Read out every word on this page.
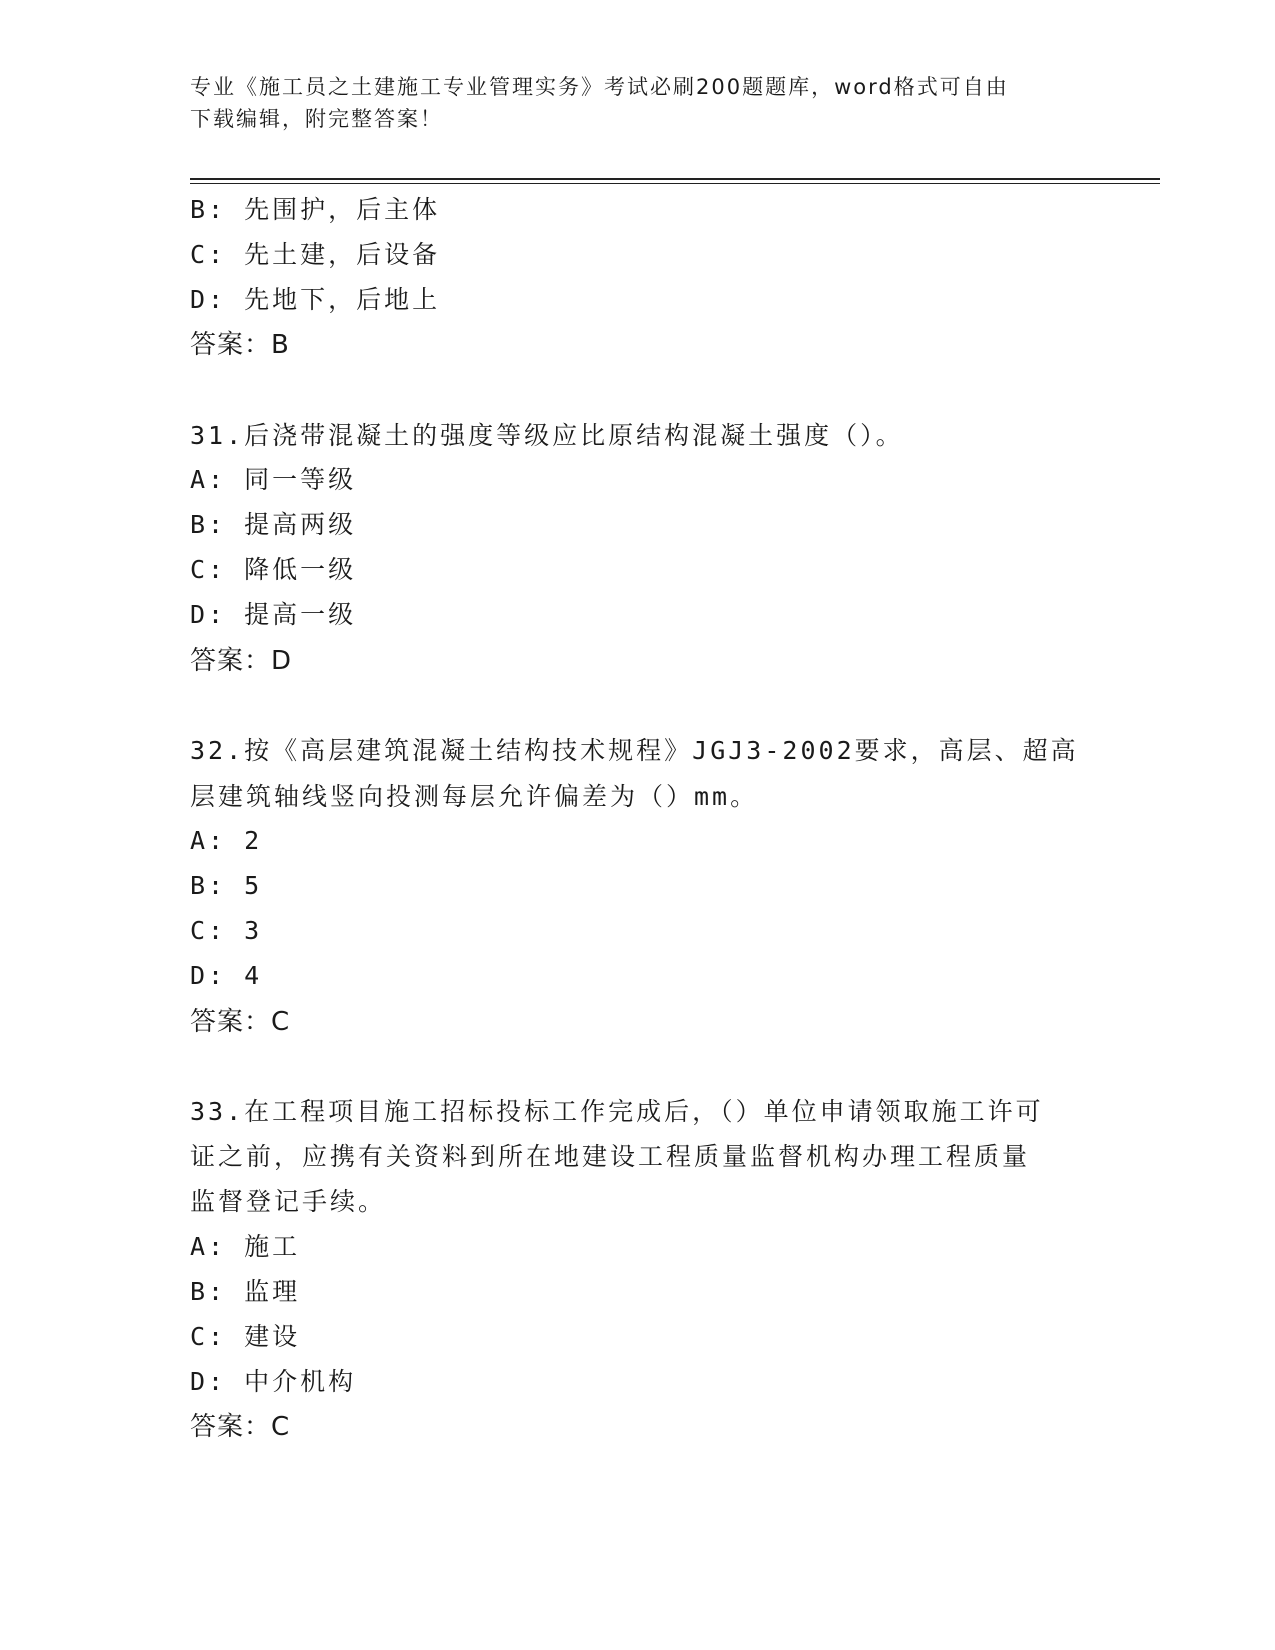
专业《施工员之土建施工专业管理实务》考试必刷200题题库，word格式可自由
下载编辑，附完整答案！
B: 先围护，后主体
C: 先土建，后设备
D: 先地下，后地上
答案：B
31.后浇带混凝土的强度等级应比原结构混凝土强度（）。
A: 同一等级
B: 提高两级
C: 降低一级
D: 提高一级
答案：D
32.按《高层建筑混凝土结构技术规程》JGJ3-2002要求，高层、超高
层建筑轴线竖向投测每层允许偏差为（）mm。
A: 2
B: 5
C: 3
D: 4
答案：C
33.在工程项目施工招标投标工作完成后，（）单位申请领取施工许可
证之前，应携有关资料到所在地建设工程质量监督机构办理工程质量
监督登记手续。
A: 施工
B: 监理
C: 建设
D: 中介机构
答案：C
